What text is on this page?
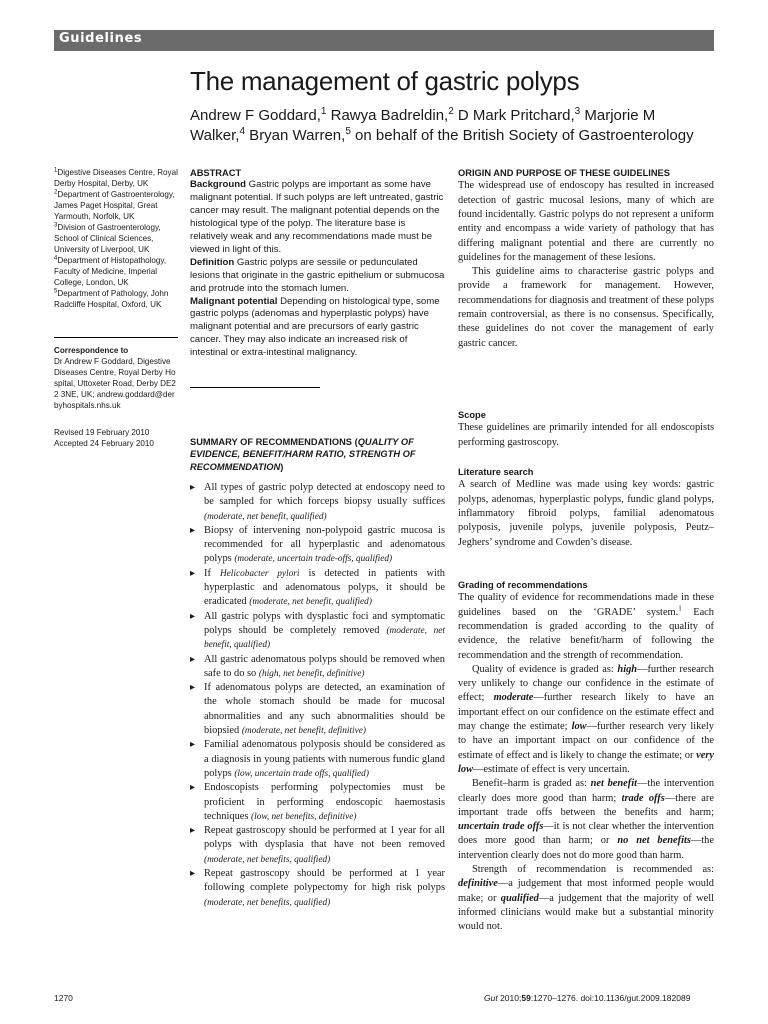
Guidelines
The management of gastric polyps
Andrew F Goddard,$^1$ Rawya Badreldin,$^2$ D Mark Pritchard,$^3$ Marjorie M Walker,$^4$ Bryan Warren,$^5$ on behalf of the British Society of Gastroenterology
$^1$Digestive Diseases Centre, Royal Derby Hospital, Derby, UK
$^2$Department of Gastroenterology, James Paget Hospital, Great Yarmouth, Norfolk, UK
$^3$Division of Gastroenterology, School of Clinical Sciences, University of Liverpool, UK
$^4$Department of Histopathology, Faculty of Medicine, Imperial College, London, UK
$^5$Department of Pathology, John Radcliffe Hospital, Oxford, UK
Correspondence to
Dr Andrew F Goddard, Digestive Diseases Centre, Royal Derby Hospital, Uttoxeter Road, Derby DE22 3NE, UK; andrew.goddard@derbyhospitals.nhs.uk
Revised 19 February 2010
Accepted 24 February 2010
ABSTRACT

Background Gastric polyps are important as some have malignant potential. If such polyps are left untreated, gastric cancer may result. The malignant potential depends on the histological type of the polyp. The literature base is relatively weak and any recommendations made must be viewed in light of this.

Definition Gastric polyps are sessile or pedunculated lesions that originate in the gastric epithelium or submucosa and protrude into the stomach lumen.

Malignant potential Depending on histological type, some gastric polyps (adenomas and hyperplastic polyps) have malignant potential and are precursors of early gastric cancer. They may also indicate an increased risk of intestinal or extra-intestinal malignancy.

SUMMARY OF RECOMMENDATIONS (QUALITY OF EVIDENCE, BENEFIT/HARM RATIO, STRENGTH OF RECOMMENDATION)
▸ All types of gastric polyp detected at endoscopy need to be sampled for which forceps biopsy usually suffices (moderate, net benefit, qualified)
▸ Biopsy of intervening non-polypoid gastric mucosa is recommended for all hyperplastic and adenomatous polyps (moderate, uncertain trade-offs, qualified)
▸ If Helicobacter pylori is detected in patients with hyperplastic and adenomatous polyps, it should be eradicated (moderate, net benefit, qualified)
▸ All gastric polyps with dysplastic foci and symptomatic polyps should be completely removed (moderate, net benefit, qualified)
▸ All gastric adenomatous polyps should be removed when safe to do so (high, net benefit, definitive)
▸ If adenomatous polyps are detected, an examination of the whole stomach should be made for mucosal abnormalities and any such abnormalities should be biopsied (moderate, net benefit, definitive)
▸ Familial adenomatous polyposis should be considered as a diagnosis in young patients with numerous fundic gland polyps (low, uncertain trade offs, qualified)
▸ Endoscopists performing polypectomies must be proficient in performing endoscopic haemostasis techniques (low, net benefits, definitive)
▸ Repeat gastroscopy should be performed at 1 year for all polyps with dysplasia that have not been removed (moderate, net benefits, qualified)
▸ Repeat gastroscopy should be performed at 1 year following complete polypectomy for high risk polyps (moderate, net benefits, qualified)
ORIGIN AND PURPOSE OF THESE GUIDELINES

The widespread use of endoscopy has resulted in increased detection of gastric mucosal lesions, many of which are found incidentally. Gastric polyps do not represent a uniform entity and encompass a wide variety of pathology that has differing malignant potential and there are currently no guidelines for the management of these lesions.

This guideline aims to characterise gastric polyps and provide a framework for management. However, recommendations for diagnosis and treatment of these polyps remain controversial, as there is no consensus. Specifically, these guidelines do not cover the management of early gastric cancer.

Scope

These guidelines are primarily intended for all endoscopists performing gastroscopy.

Literature search

A search of Medline was made using key words: gastric polyps, adenomas, hyperplastic polyps, fundic gland polyps, inflammatory fibroid polyps, familial adenomatous polyposis, juvenile polyps, juvenile polyposis, Peutz–Jeghers’ syndrome and Cowden’s disease.

Grading of recommendations

The quality of evidence for recommendations made in these guidelines based on the ‘GRADE’ system.$^1$ Each recommendation is graded according to the quality of evidence, the relative benefit/harm of following the recommendation and the strength of recommendation.

Quality of evidence is graded as: high—further research very unlikely to change our confidence in the estimate of effect; moderate—further research likely to have an important effect on our confidence on the estimate effect and may change the estimate; low—further research very likely to have an important impact on our confidence of the estimate of effect and is likely to change the estimate; or very low—estimate of effect is very uncertain.

Benefit–harm is graded as: net benefit—the intervention clearly does more good than harm; trade offs—there are important trade offs between the benefits and harm; uncertain trade offs—it is not clear whether the intervention does more good than harm; or no net benefits—the intervention clearly does not do more good than harm.

Strength of recommendation is recommended as: definitive—a judgement that most informed people would make; or qualified—a judgement that the majority of well informed clinicians would make but a substantial minority would not.

1270	Gut 2010;59:1270–1276. doi:10.1136/gut.2009.182089
